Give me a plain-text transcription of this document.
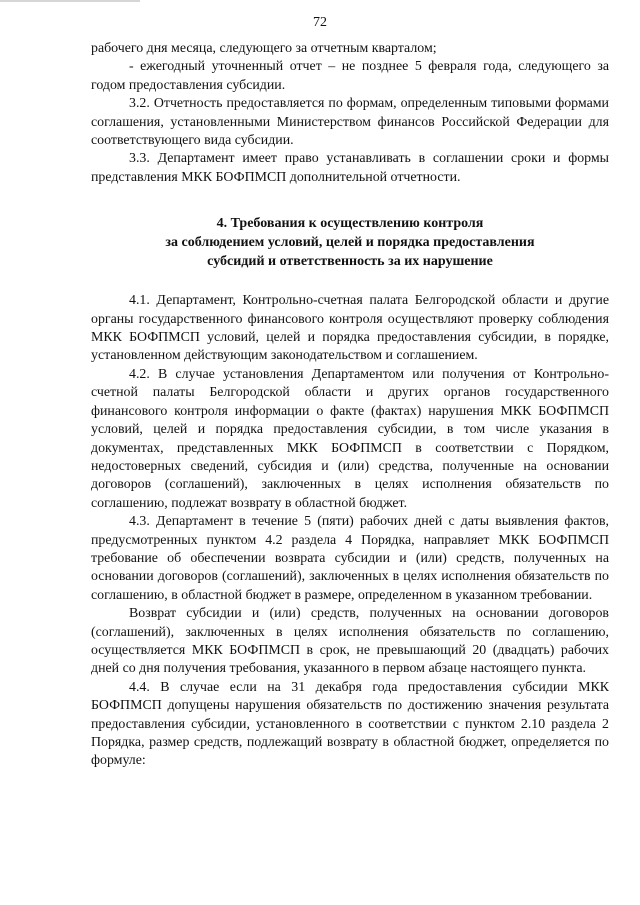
72

рабочего дня месяца, следующего за отчетным кварталом;

- ежегодный уточненный отчет – не позднее 5 февраля года, следующего за годом предоставления субсидии.

3.2. Отчетность предоставляется по формам, определенным типовыми формами соглашения, установленными Министерством финансов Российской Федерации для соответствующего вида субсидии.

3.3. Департамент имеет право устанавливать в соглашении сроки и формы представления МКК БОФПМСП дополнительной отчетности.

4. Требования к осуществлению контроля
за соблюдением условий, целей и порядка предоставления
субсидий и ответственность за их нарушение

4.1. Департамент, Контрольно-счетная палата Белгородской области и другие органы государственного финансового контроля осуществляют проверку соблюдения МКК БОФПМСП условий, целей и порядка предоставления субсидии, в порядке, установленном действующим законодательством и соглашением.

4.2. В случае установления Департаментом или получения от Контрольно-счетной палаты Белгородской области и других органов государственного финансового контроля информации о факте (фактах) нарушения МКК БОФПМСП условий, целей и порядка предоставления субсидии, в том числе указания в документах, представленных МКК БОФПМСП в соответствии с Порядком, недостоверных сведений, субсидия и (или) средства, полученные на основании договоров (соглашений), заключенных в целях исполнения обязательств по соглашению, подлежат возврату в областной бюджет.

4.3. Департамент в течение 5 (пяти) рабочих дней с даты выявления фактов, предусмотренных пунктом 4.2 раздела 4 Порядка, направляет МКК БОФПМСП требование об обеспечении возврата субсидии и (или) средств, полученных на основании договоров (соглашений), заключенных в целях исполнения обязательств по соглашению, в областной бюджет в размере, определенном в указанном требовании.

Возврат субсидии и (или) средств, полученных на основании договоров (соглашений), заключенных в целях исполнения обязательств по соглашению, осуществляется МКК БОФПМСП в срок, не превышающий 20 (двадцать) рабочих дней со дня получения требования, указанного в первом абзаце настоящего пункта.

4.4. В случае если на 31 декабря года предоставления субсидии МКК БОФПМСП допущены нарушения обязательств по достижению значения результата предоставления субсидии, установленного в соответствии с пунктом 2.10 раздела 2 Порядка, размер средств, подлежащий возврату в областной бюджет, определяется по формуле:
